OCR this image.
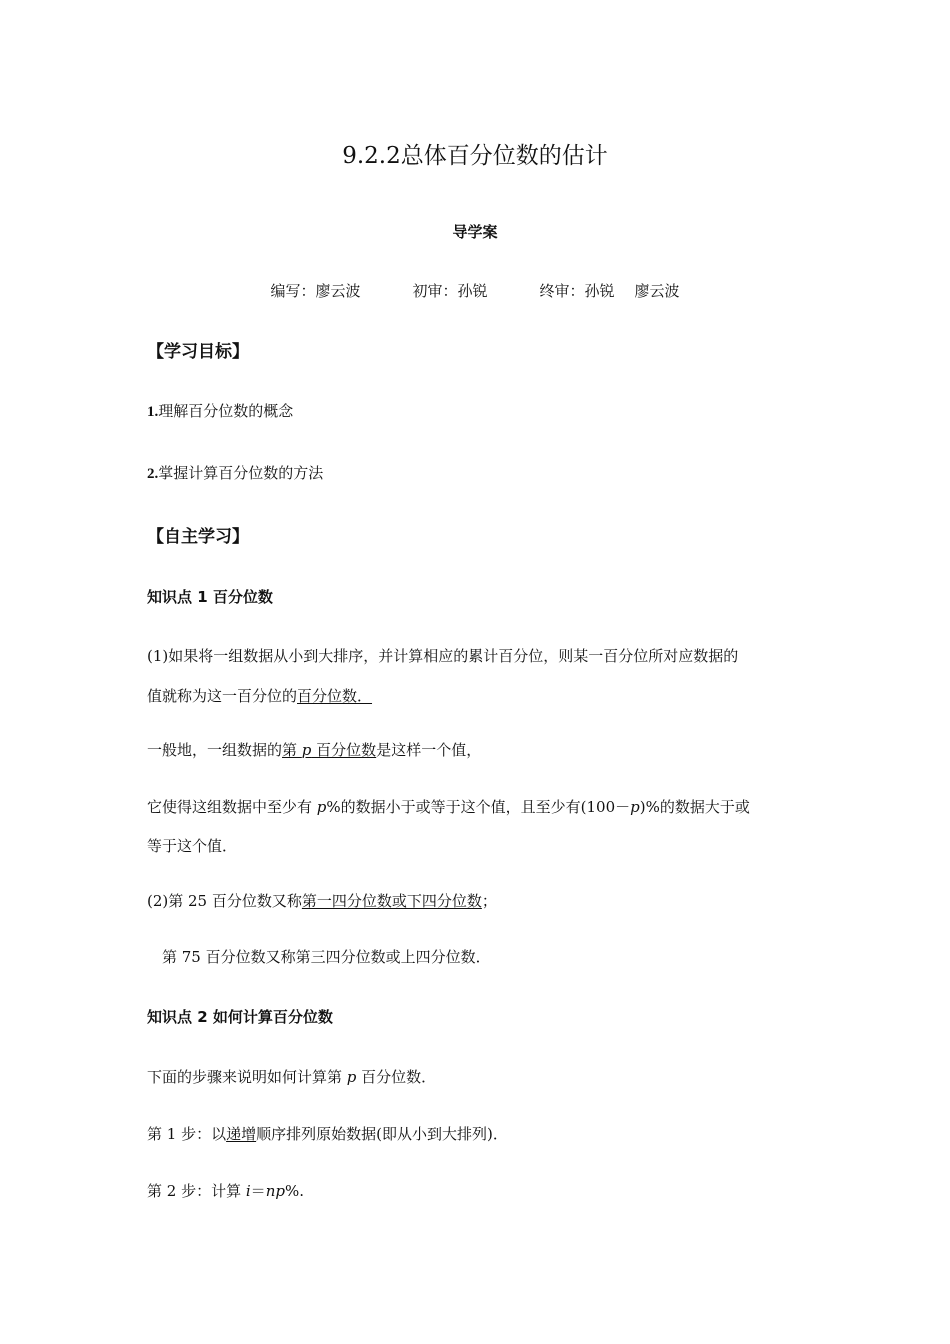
9.2.2总体百分位数的估计
导学案
编写：廖云波	初审：孙锐	终审：孙锐 廖云波
【学习目标】
1.理解百分位数的概念
2.掌握计算百分位数的方法
【自主学习】
知识点 1 百分位数
(1)如果将一组数据从小到大排序，并计算相应的累计百分位，则某一百分位所对应数据的
值就称为这一百分位的百分位数．
一般地，一组数据的第 p 百分位数是这样一个值，
它使得这组数据中至少有 p%的数据小于或等于这个值，且至少有(100－p)%的数据大于或
等于这个值．
(2)第 25 百分位数又称第一四分位数或下四分位数；
第 75 百分位数又称第三四分位数或上四分位数．
知识点 2 如何计算百分位数
下面的步骤来说明如何计算第 p 百分位数．
第 1 步：以递增顺序排列原始数据(即从小到大排列)．
第 2 步：计算 i＝np%.
